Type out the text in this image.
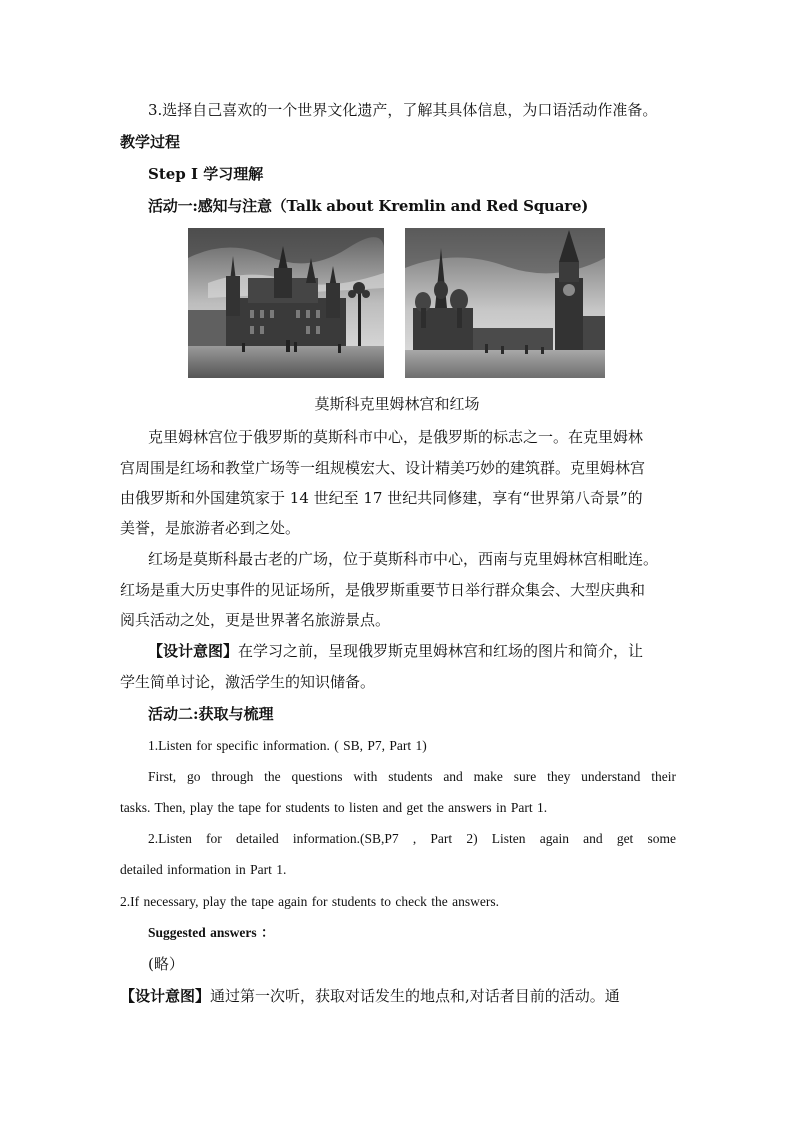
3.选择自己喜欢的一个世界文化遗产，了解其具体信息，为口语活动作准备。
教学过程
Step I 学习理解
活动一:感知与注意（Talk about Kremlin and Red Square)
莫斯科克里姆林宫和红场
克里姆林宫位于俄罗斯的莫斯科市中心，是俄罗斯的标志之一。在克里姆林
宫周围是红场和教堂广场等一组规模宏大、设计精美巧妙的建筑群。克里姆林宫
由俄罗斯和外国建筑家于 14 世纪至 17 世纪共同修建，享有“世界第八奇景”的
美誉，是旅游者必到之处。
红场是莫斯科最古老的广场，位于莫斯科市中心，西南与克里姆林宫相毗连。
红场是重大历史事件的见证场所，是俄罗斯重要节日举行群众集会、大型庆典和
阅兵活动之处，更是世界著名旅游景点。
【设计意图】在学习之前，呈现俄罗斯克里姆林宫和红场的图片和简介，让
学生简单讨论，激活学生的知识储备。
活动二:获取与梳理
1.Listen for specific information. ( SB, P7, Part 1)
First, go through the questions with students and make sure they understand their
tasks. Then, play the tape for students to listen and get the answers in Part 1.
2.Listen for detailed information.(SB,P7 , Part 2) Listen again and get some
detailed information in Part 1.
2.If necessary, play the tape again for students to check the answers.
Suggested answers ：
(略）
【设计意图】通过第一次听，获取对话发生的地点和,对话者目前的活动。通
